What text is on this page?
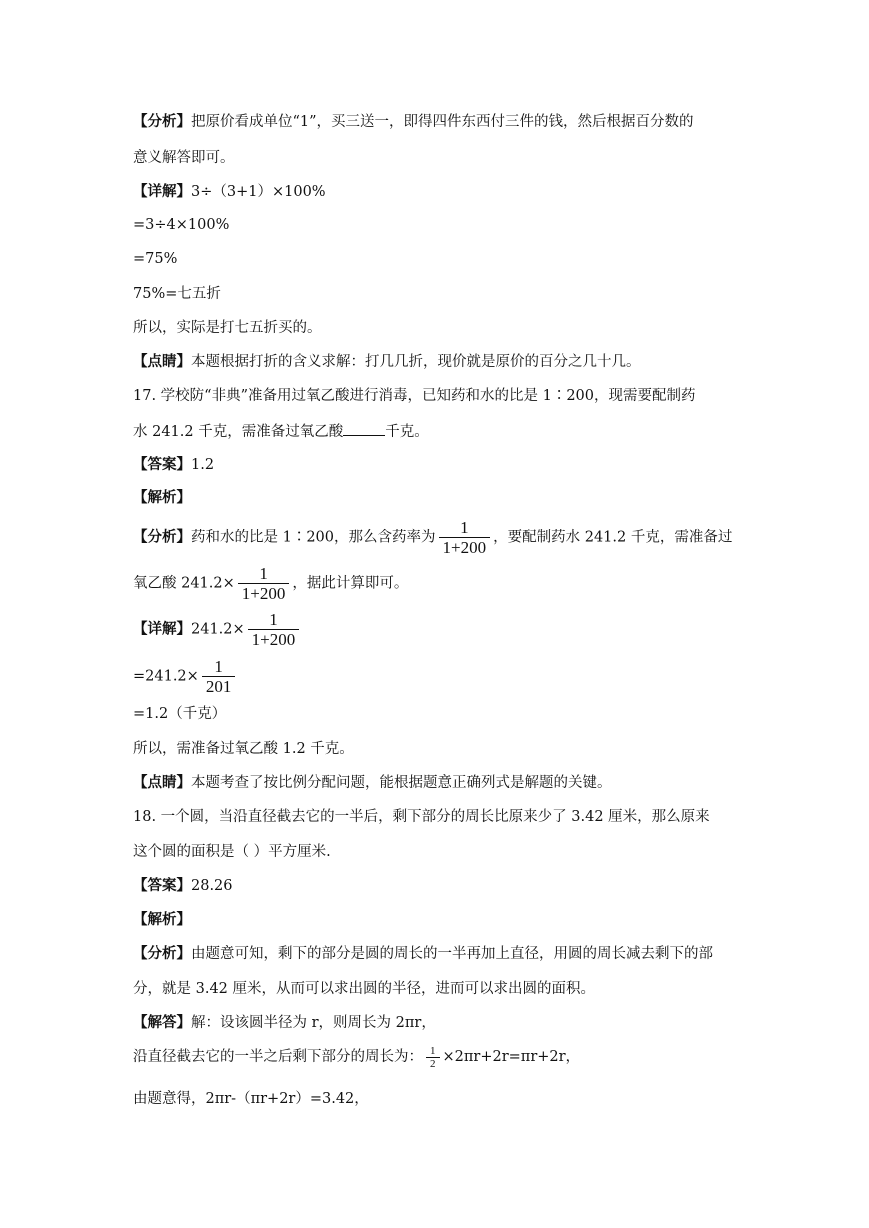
【分析】把原价看成单位“1”，买三送一，即得四件东西付三件的钱，然后根据百分数的
意义解答即可。
【详解】3÷（3+1）×100%
=3÷4×100%
=75%
75%=七五折
所以，实际是打七五折买的。
【点睛】本题根据打折的含义求解：打几几折，现价就是原价的百分之几十几。
17. 学校防“非典”准备用过氧乙酸进行消毒，已知药和水的比是 1∶200，现需要配制药
水 241.2 千克，需准备过氧乙酸	千克。
【答案】1.2
【解析】
【分析】药和水的比是 1∶200，那么含药率为 $\frac{1}{1+200}$ ，要配制药水 241.2 千克，需准备过
氧乙酸 $241.2\times \frac{1}{1+200}$ ，据此计算即可。
【详解】$241.2\times \frac{1}{1+200}$
$=241.2\times \frac{1}{201}$
=1.2（千克）
所以，需准备过氧乙酸 1.2 千克。
【点睛】本题考查了按比例分配问题，能根据题意正确列式是解题的关键。
18. 一个圆，当沿直径截去它的一半后，剩下部分的周长比原来少了 3.42 厘米，那么原来
这个圆的面积是（ ）平方厘米.
【答案】28.26
【解析】
【分析】由题意可知，剩下的部分是圆的周长的一半再加上直径，用圆的周长减去剩下的部
分，就是 3.42 厘米，从而可以求出圆的半径，进而可以求出圆的面积。
【解答】解：设该圆半径为 r，则周长为 2πr，
沿直径截去它的一半之后剩下部分的周长为： $\frac{1}{2} \times 2\pi r+2r=\pi r+2r$，
由题意得，2πr-（πr+2r）=3.42，
